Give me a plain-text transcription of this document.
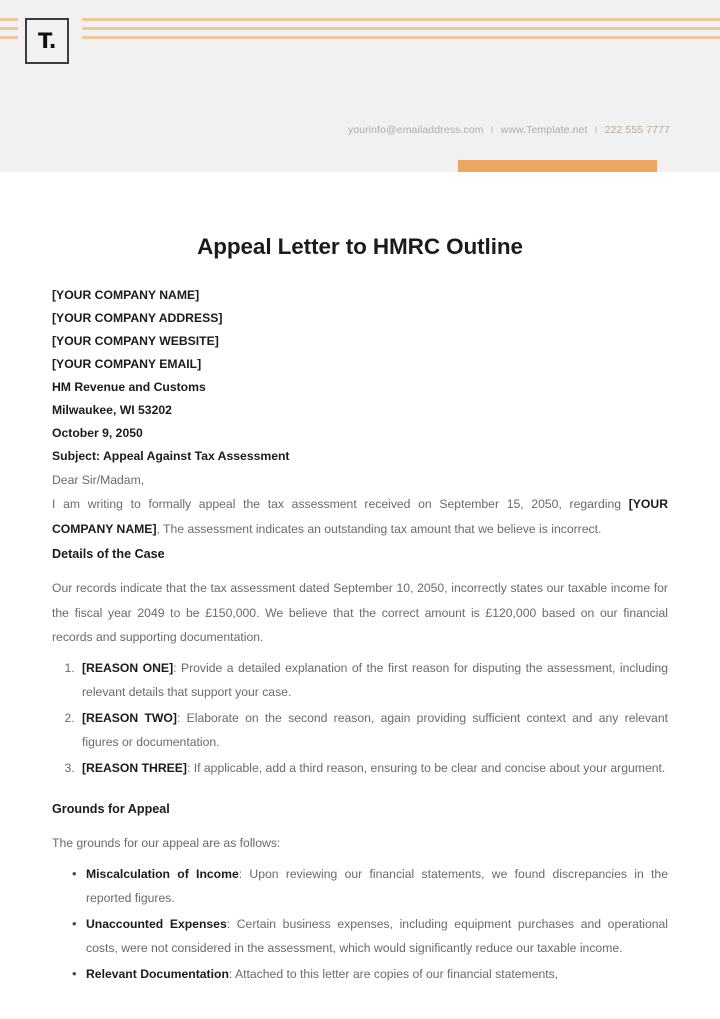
T.
yourinfo@emailaddress.com I www.Template.net I 222 555 7777
Appeal Letter to HMRC Outline
[YOUR COMPANY NAME]
[YOUR COMPANY ADDRESS]
[YOUR COMPANY WEBSITE]
[YOUR COMPANY EMAIL]
HM Revenue and Customs
Milwaukee, WI 53202
October 9, 2050
Subject: Appeal Against Tax Assessment
Dear Sir/Madam,

I am writing to formally appeal the tax assessment received on September 15, 2050, regarding [YOUR COMPANY NAME], The assessment indicates an outstanding tax amount that we believe is incorrect.

Details of the Case

Our records indicate that the tax assessment dated September 10, 2050, incorrectly states our taxable income for the fiscal year 2049 to be £150,000. We believe that the correct amount is £120,000 based on our financial records and supporting documentation.

1. [REASON ONE]: Provide a detailed explanation of the first reason for disputing the assessment, including relevant details that support your case.
2. [REASON TWO]: Elaborate on the second reason, again providing sufficient context and any relevant figures or documentation.
3. [REASON THREE]: If applicable, add a third reason, ensuring to be clear and concise about your argument.
Grounds for Appeal

The grounds for our appeal are as follows:

• Miscalculation of Income: Upon reviewing our financial statements, we found discrepancies in the reported figures.
• Unaccounted Expenses: Certain business expenses, including equipment purchases and operational costs, were not considered in the assessment, which would significantly reduce our taxable income.
• Relevant Documentation: Attached to this letter are copies of our financial statements,
